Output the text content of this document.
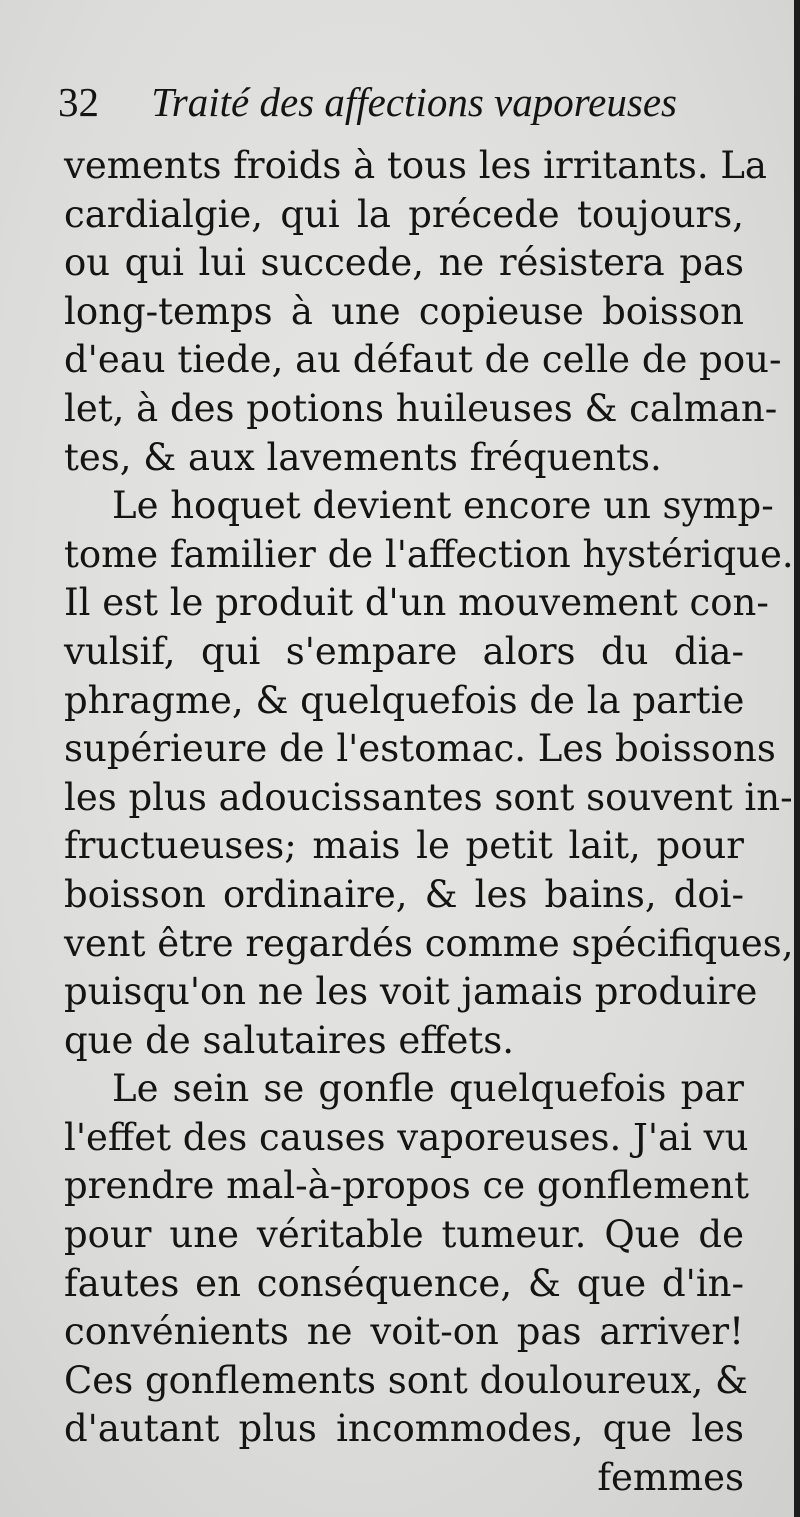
32 Traité des affections vaporeuses
vements froids à tous les irritants. La
cardialgie, qui la précede toujours,
ou qui lui succede, ne résistera pas
long-temps à une copieuse boisson
d'eau tiede, au défaut de celle de pou-
let, à des potions huileuses & calman-
tes, & aux lavements fréquents.
Le hoquet devient encore un symp-
tome familier de l'affection hystérique.
Il est le produit d'un mouvement con-
vulsif, qui s'empare alors du dia-
phragme, & quelquefois de la partie
supérieure de l'estomac. Les boissons
les plus adoucissantes sont souvent in-
fructueuses; mais le petit lait, pour
boisson ordinaire, & les bains, doi-
vent être regardés comme spécifiques,
puisqu'on ne les voit jamais produire
que de salutaires effets.
Le sein se gonfle quelquefois par
l'effet des causes vaporeuses. J'ai vu
prendre mal-à-propos ce gonflement
pour une véritable tumeur. Que de
fautes en conséquence, & que d'in-
convénients ne voit-on pas arriver!
Ces gonflements sont douloureux, &
d'autant plus incommodes, que les
femmes
